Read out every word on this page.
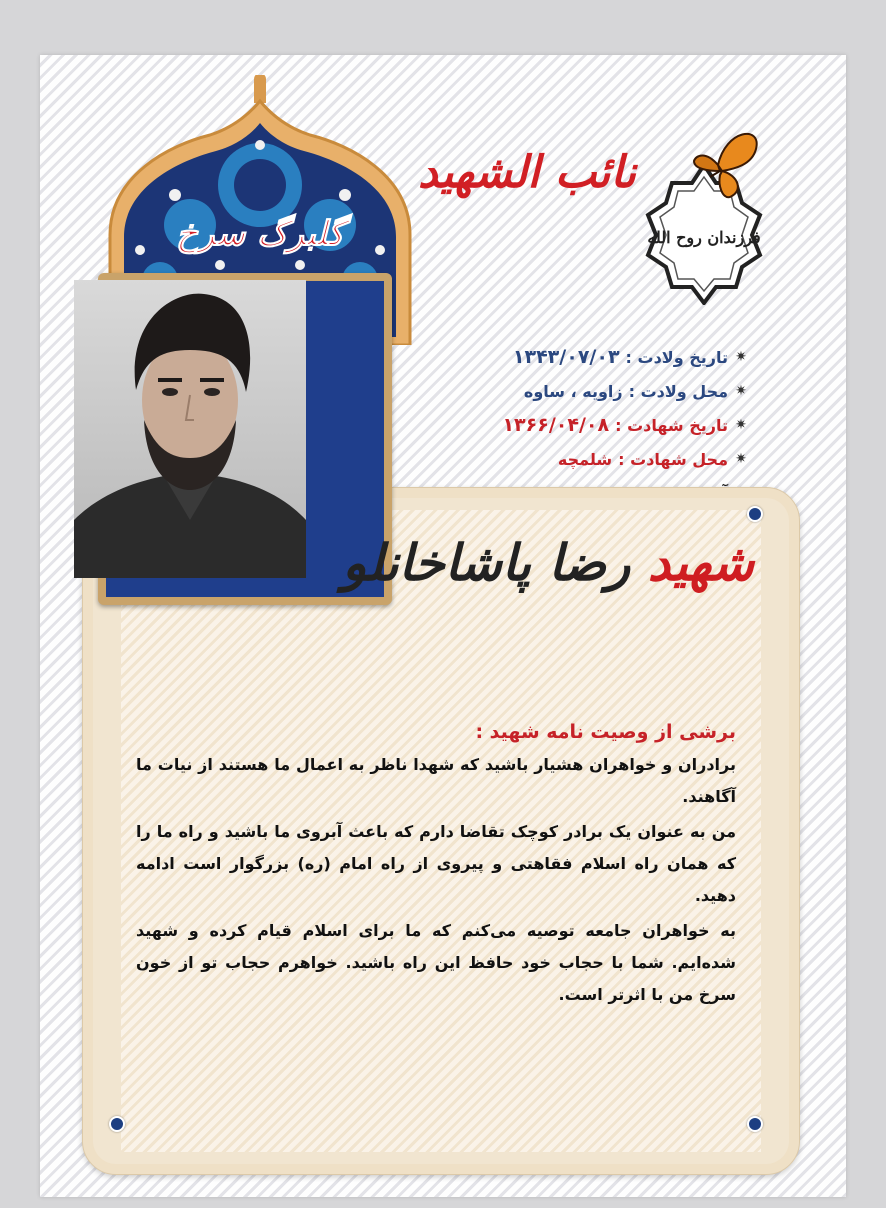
فرزندان روح الله
نائب الشهید
گلبرگ سرخ
✷
تاریخ ولادت :
۱۳۴۳/۰۷/۰۳
✷
محل ولادت :
زاویه ، ساوه
✷
تاریخ شهادت :
۱۳۶۶/۰۴/۰۸
✷
محل شهادت :
شلمچه
شهید رضا پاشاخانلو
برشی از وصیت نامه شهید :

برادران و خواهران هشیار باشید که شهدا ناظر به اعمال ما هستند از نیات ما آگاهند.

من به عنوان یک برادر کوچک تقاضا دارم که باعث آبروی ما باشید و راه ما را که همان راه اسلام فقاهتی و پیروی از راه امام (ره) بزرگوار است ادامه دهید.

به خواهران جامعه توصیه می‌کنم که ما برای اسلام قیام کرده و شهید شده‌ایم. شما با حجاب خود حافظ این راه باشید. خواهرم حجاب تو از خون سرخ من با اثرتر است.
